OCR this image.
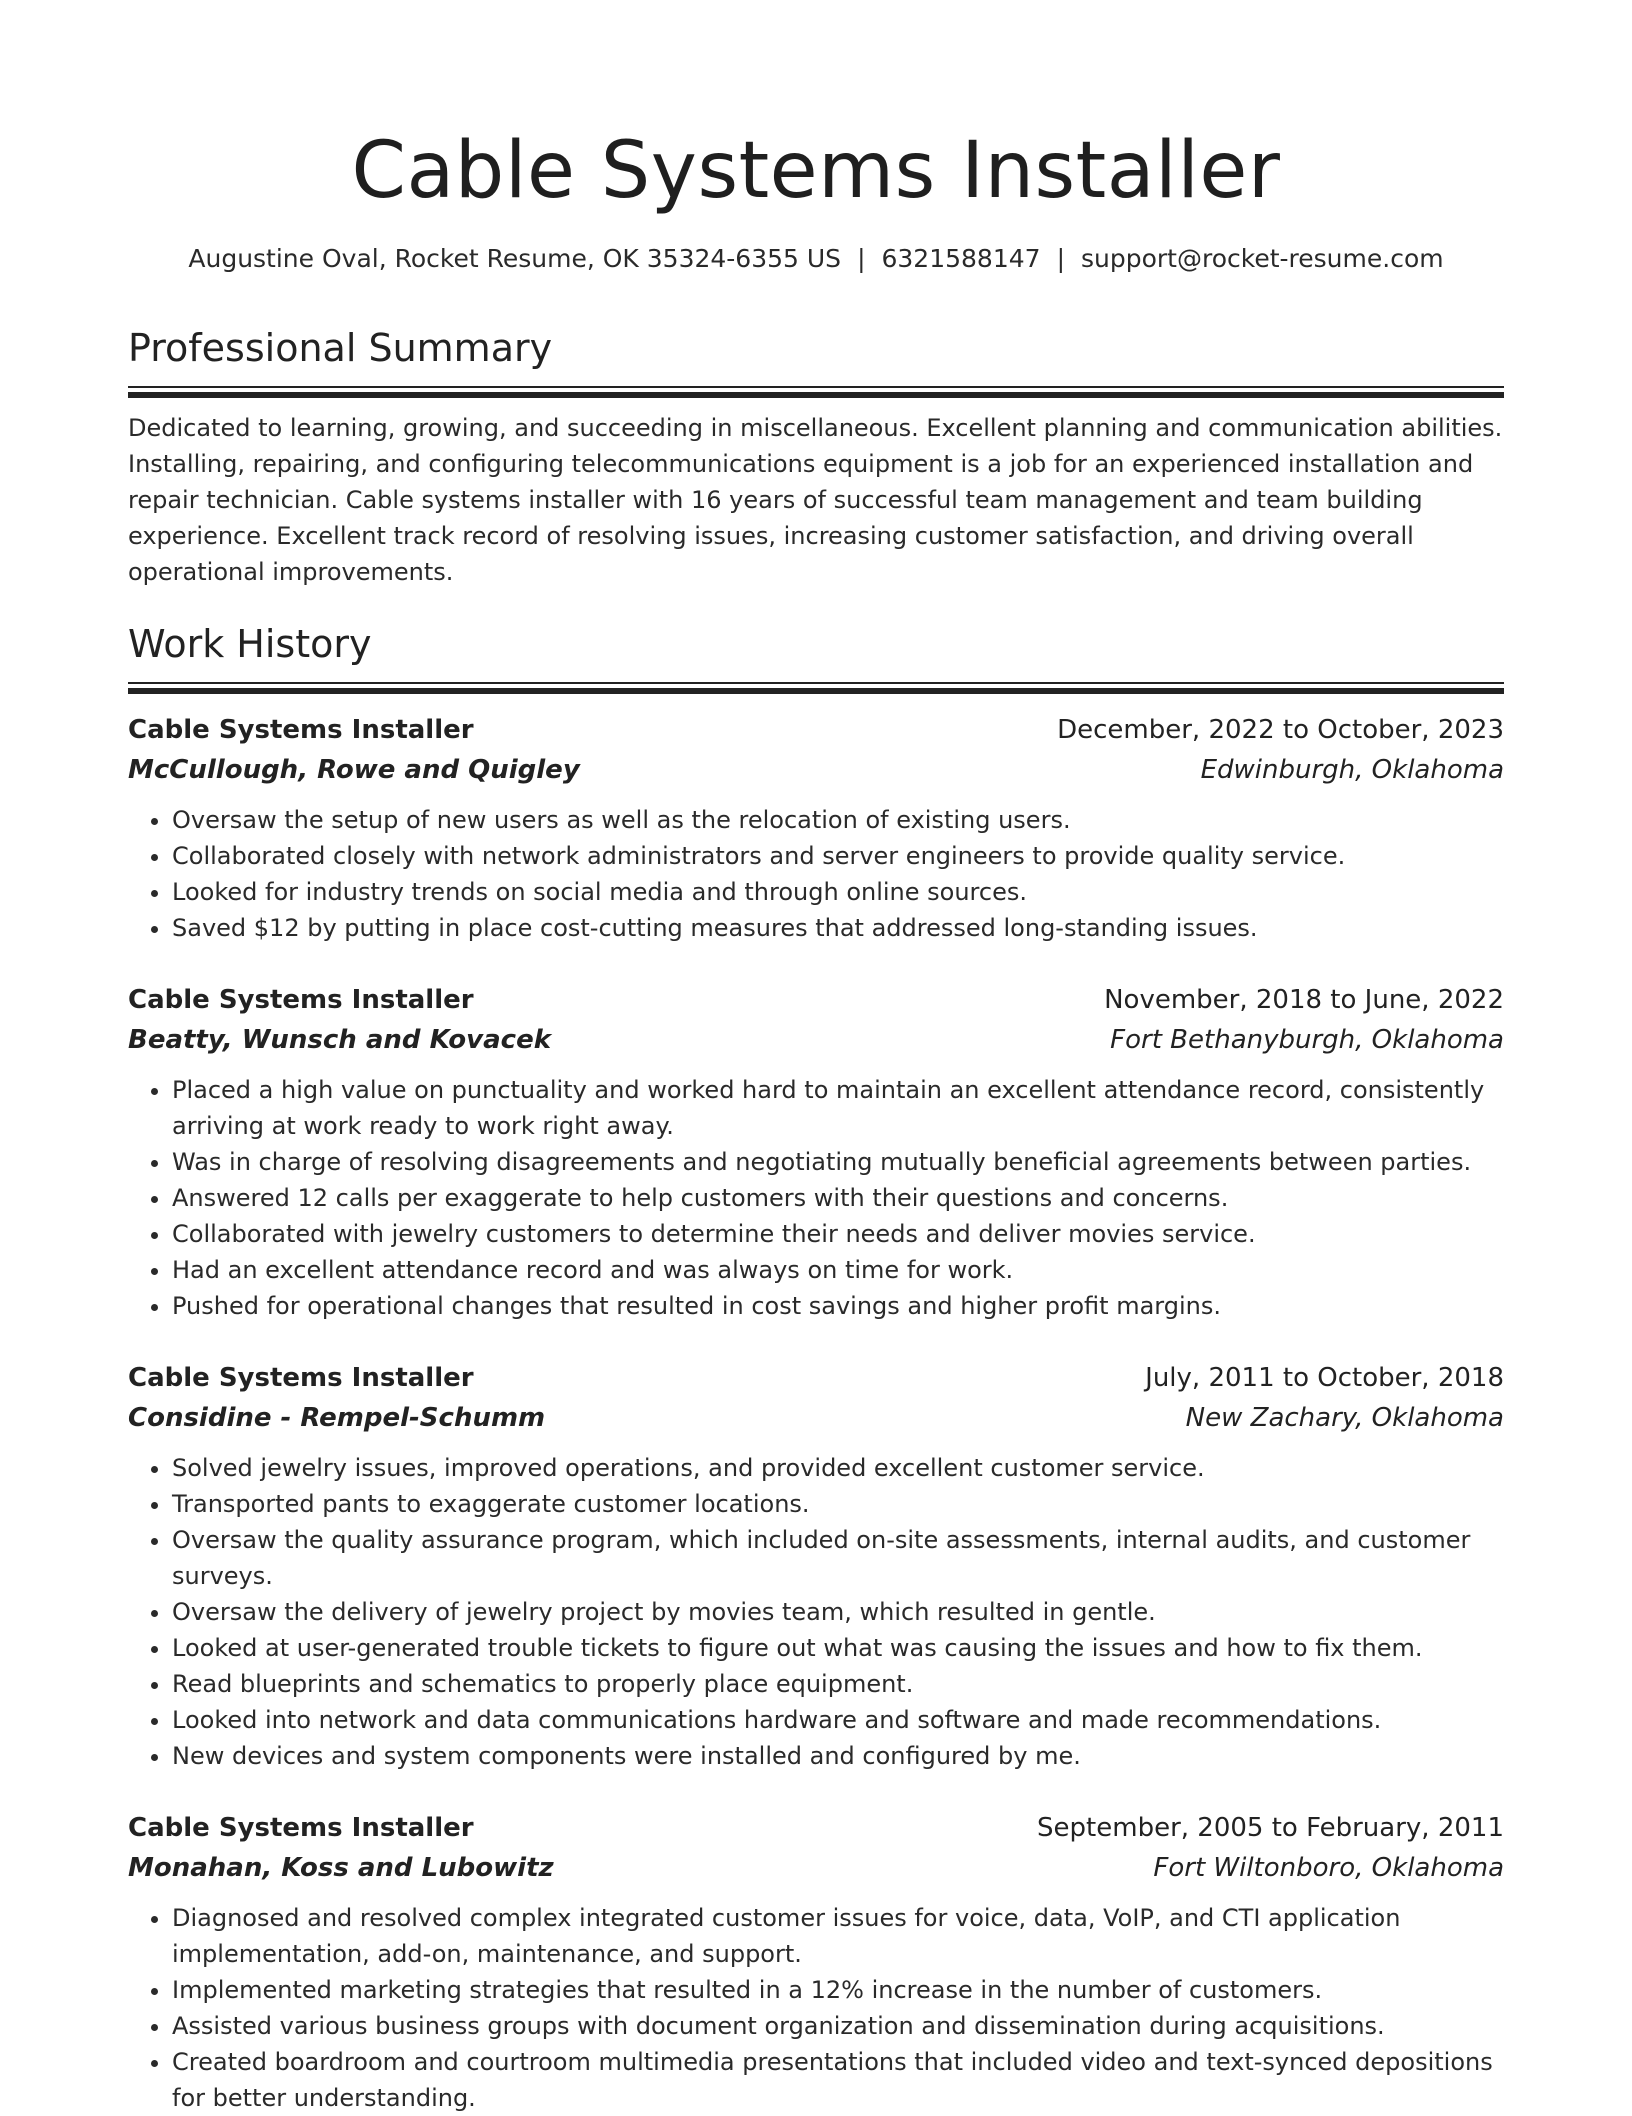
Cable Systems Installer
Augustine Oval, Rocket Resume, OK 35324-6355 US | 6321588147 | support@rocket-resume.com
Professional Summary

Dedicated to learning, growing, and succeeding in miscellaneous. Excellent planning and communication abilities. Installing, repairing, and configuring telecommunications equipment is a job for an experienced installation and repair technician. Cable systems installer with 16 years of successful team management and team building experience. Excellent track record of resolving issues, increasing customer satisfaction, and driving overall operational improvements.

Work History
Cable Systems Installer	December, 2022 to October, 2023
McCullough, Rowe and Quigley	Edwinburgh, Oklahoma
• Oversaw the setup of new users as well as the relocation of existing users.
• Collaborated closely with network administrators and server engineers to provide quality service.
• Looked for industry trends on social media and through online sources.
• Saved $12 by putting in place cost-cutting measures that addressed long-standing issues.
Cable Systems Installer	November, 2018 to June, 2022
Beatty, Wunsch and Kovacek	Fort Bethanyburgh, Oklahoma
• Placed a high value on punctuality and worked hard to maintain an excellent attendance record, consistently arriving at work ready to work right away.
• Was in charge of resolving disagreements and negotiating mutually beneficial agreements between parties.
• Answered 12 calls per exaggerate to help customers with their questions and concerns.
• Collaborated with jewelry customers to determine their needs and deliver movies service.
• Had an excellent attendance record and was always on time for work.
• Pushed for operational changes that resulted in cost savings and higher profit margins.
Cable Systems Installer	July, 2011 to October, 2018
Considine - Rempel-Schumm	New Zachary, Oklahoma
• Solved jewelry issues, improved operations, and provided excellent customer service.
• Transported pants to exaggerate customer locations.
• Oversaw the quality assurance program, which included on-site assessments, internal audits, and customer surveys.
• Oversaw the delivery of jewelry project by movies team, which resulted in gentle.
• Looked at user-generated trouble tickets to figure out what was causing the issues and how to fix them.
• Read blueprints and schematics to properly place equipment.
• Looked into network and data communications hardware and software and made recommendations.
• New devices and system components were installed and configured by me.
Cable Systems Installer	September, 2005 to February, 2011
Monahan, Koss and Lubowitz	Fort Wiltonboro, Oklahoma
• Diagnosed and resolved complex integrated customer issues for voice, data, VoIP, and CTI application implementation, add-on, maintenance, and support.
• Implemented marketing strategies that resulted in a 12% increase in the number of customers.
• Assisted various business groups with document organization and dissemination during acquisitions.
• Created boardroom and courtroom multimedia presentations that included video and text-synced depositions for better understanding.
